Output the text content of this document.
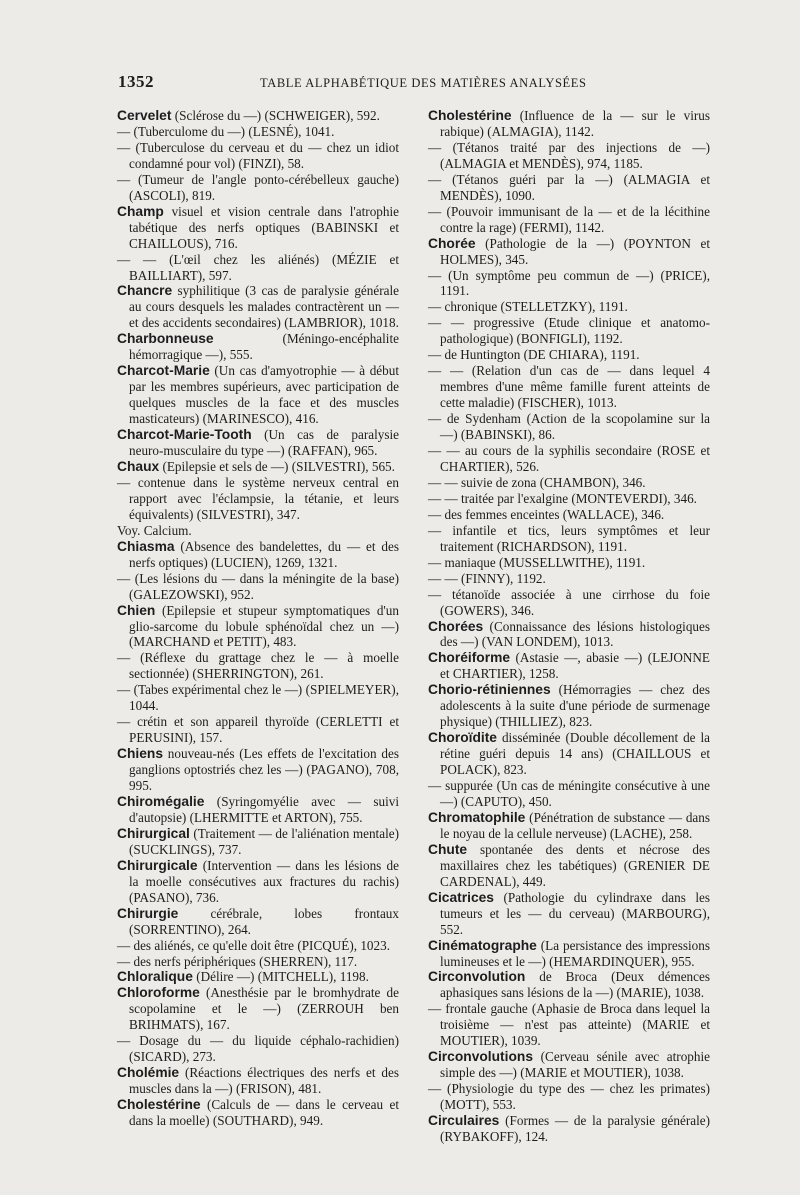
1352	TABLE ALPHABÉTIQUE DES MATIÈRES ANALYSÉES
Cervelet (Sclérose du —) (SCHWEIGER), 592.
— (Tuberculome du —) (LESNÉ), 1041.
— (Tuberculose du cerveau et du — chez un idiot condamné pour vol) (FINZI), 58.
— (Tumeur de l'angle ponto-cérébelleux gauche) (ASCOLI), 819.
Champ visuel et vision centrale dans l'atrophie tabétique des nerfs optiques (BABINSKI et CHAILLOUS), 716.
— — (L'œil chez les aliénés) (MÉZIE et BAILLIART), 597.
Chancre syphilitique (3 cas de paralysie générale au cours desquels les malades contractèrent un — et des accidents secondaires) (LAMBRIOR), 1018.
Charbonneuse (Méningo-encéphalite hémorragique —), 555.
Charcot-Marie (Un cas d'amyotrophie — à début par les membres supérieurs, avec participation de quelques muscles de la face et des muscles masticateurs) (MARINESCO), 416.
Charcot-Marie-Tooth (Un cas de paralysie neuro-musculaire du type —) (RAFFAN), 965.
Chaux (Epilepsie et sels de —) (SILVESTRI), 565.
— contenue dans le système nerveux central en rapport avec l'éclampsie, la tétanie, et leurs équivalents) (SILVESTRI), 347.
Voy. Calcium.
Chiasma (Absence des bandelettes, du — et des nerfs optiques) (LUCIEN), 1269, 1321.
— (Les lésions du — dans la méningite de la base) (GALEZOWSKI), 952.
Chien (Epilepsie et stupeur symptomatiques d'un glio-sarcome du lobule sphénoïdal chez un —) (MARCHAND et PETIT), 483.
— (Réflexe du grattage chez le — à moelle sectionnée) (SHERRINGTON), 261.
— (Tabes expérimental chez le —) (SPIELMEYER), 1044.
— crétin et son appareil thyroïde (CERLETTI et PERUSINI), 157.
Chiens nouveau-nés (Les effets de l'excitation des ganglions optostriés chez les —) (PAGANO), 708, 995.
Chiromégalie (Syringomyélie avec — suivi d'autopsie) (LHERMITTE et ARTON), 755.
Chirurgical (Traitement — de l'aliénation mentale) (SUCKLINGS), 737.
Chirurgicale (Intervention — dans les lésions de la moelle consécutives aux fractures du rachis) (PASANO), 736.
Chirurgie cérébrale, lobes frontaux (SORRENTINO), 264.
— des aliénés, ce qu'elle doit être (PICQUÉ), 1023.
— des nerfs périphériques (SHERREN), 117.
Chloralique (Délire —) (MITCHELL), 1198.
Chloroforme (Anesthésie par le bromhydrate de scopolamine et le —) (ZERROUH ben BRIHMATS), 167.
— Dosage du — du liquide céphalo-rachidien) (SICARD), 273.
Cholémie (Réactions électriques des nerfs et des muscles dans la —) (FRISON), 481.
Cholestérine (Calculs de — dans le cerveau et dans la moelle) (SOUTHARD), 949.
Cholestérine (Influence de la — sur le virus rabique) (ALMAGIA), 1142.
— (Tétanos traité par des injections de —) (ALMAGIA et MENDÈS), 974, 1185.
— (Tétanos guéri par la —) (ALMAGIA et MENDÈS), 1090.
— (Pouvoir immunisant de la — et de la lécithine contre la rage) (FERMI), 1142.
Chorée (Pathologie de la —) (POYNTON et HOLMES), 345.
— (Un symptôme peu commun de —) (PRICE), 1191.
— chronique (STELLETZKY), 1191.
— — progressive (Etude clinique et anatomo-pathologique) (BONFIGLI), 1192.
— de Huntington (DE CHIARA), 1191.
— — (Relation d'un cas de — dans lequel 4 membres d'une même famille furent atteints de cette maladie) (FISCHER), 1013.
— de Sydenham (Action de la scopolamine sur la —) (BABINSKI), 86.
— — au cours de la syphilis secondaire (ROSE et CHARTIER), 526.
— — suivie de zona (CHAMBON), 346.
— — traitée par l'exalgine (MONTEVERDI), 346.
— des femmes enceintes (WALLACE), 346.
— infantile et tics, leurs symptômes et leur traitement (RICHARDSON), 1191.
— maniaque (MUSSELLWITHE), 1191.
— — (FINNY), 1192.
— tétanoïde associée à une cirrhose du foie (GOWERS), 346.
Chorées (Connaissance des lésions histologiques des —) (VAN LONDEM), 1013.
Choréiforme (Astasie —, abasie —) (LEJONNE et CHARTIER), 1258.
Chorio-rétiniennes (Hémorragies — chez des adolescents à la suite d'une période de surmenage physique) (THILLIEZ), 823.
Choroïdite disséminée (Double décollement de la rétine guéri depuis 14 ans) (CHAILLOUS et POLACK), 823.
— suppurée (Un cas de méningite consécutive à une —) (CAPUTO), 450.
Chromatophile (Pénétration de substance — dans le noyau de la cellule nerveuse) (LACHE), 258.
Chute spontanée des dents et nécrose des maxillaires chez les tabétiques) (GRENIER DE CARDENAL), 449.
Cicatrices (Pathologie du cylindraxe dans les tumeurs et les — du cerveau) (MARBOURG), 552.
Cinématographe (La persistance des impressions lumineuses et le —) (HEMARDINQUER), 955.
Circonvolution de Broca (Deux démences aphasiques sans lésions de la —) (MARIE), 1038.
— frontale gauche (Aphasie de Broca dans lequel la troisième — n'est pas atteinte) (MARIE et MOUTIER), 1039.
Circonvolutions (Cerveau sénile avec atrophie simple des —) (MARIE et MOUTIER), 1038.
— (Physiologie du type des — chez les primates) (MOTT), 553.
Circulaires (Formes — de la paralysie générale) (RYBAKOFF), 124.
